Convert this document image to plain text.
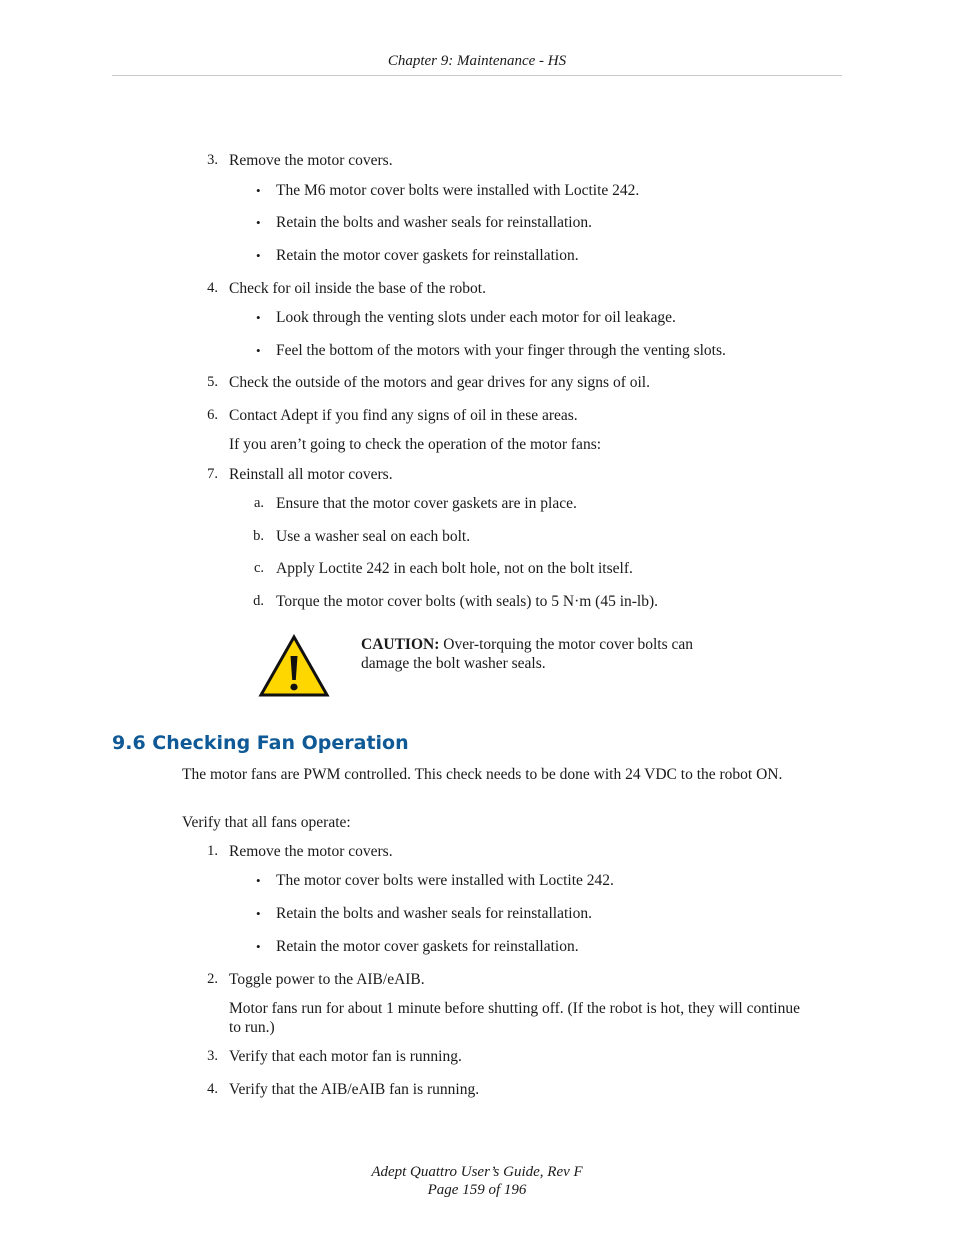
Chapter 9: Maintenance - HS
3. Remove the motor covers.
• The M6 motor cover bolts were installed with Loctite 242.
• Retain the bolts and washer seals for reinstallation.
• Retain the motor cover gaskets for reinstallation.
4. Check for oil inside the base of the robot.
• Look through the venting slots under each motor for oil leakage.
• Feel the bottom of the motors with your finger through the venting slots.
5. Check the outside of the motors and gear drives for any signs of oil.
6. Contact Adept if you find any signs of oil in these areas.
If you aren’t going to check the operation of the motor fans:
7. Reinstall all motor covers.
a. Ensure that the motor cover gaskets are in place.
b. Use a washer seal on each bolt.
c. Apply Loctite 242 in each bolt hole, not on the bolt itself.
d. Torque the motor cover bolts (with seals) to 5 N·m (45 in-lb).
CAUTION: Over-torquing the motor cover bolts can
damage the bolt washer seals.
9.6 Checking Fan Operation
The motor fans are PWM controlled. This check needs to be done with 24 VDC to the robot ON.
Verify that all fans operate:
1. Remove the motor covers.
• The motor cover bolts were installed with Loctite 242.
• Retain the bolts and washer seals for reinstallation.
• Retain the motor cover gaskets for reinstallation.
2. Toggle power to the AIB/eAIB.
Motor fans run for about 1 minute before shutting off. (If the robot is hot, they will continue to run.)
3. Verify that each motor fan is running.
4. Verify that the AIB/eAIB fan is running.
Adept Quattro User’s Guide, Rev F
Page 159 of 196
